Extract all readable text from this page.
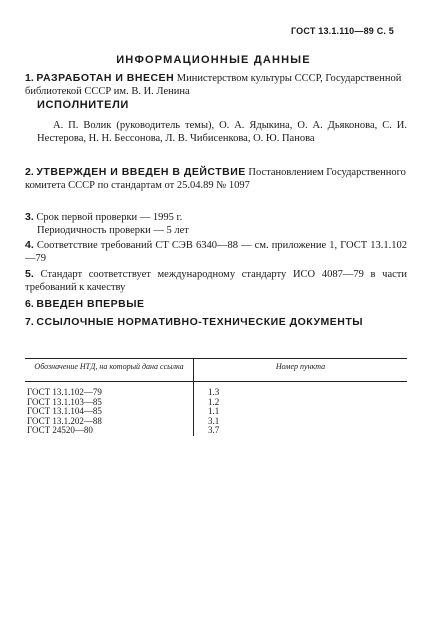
ГОСТ 13.1.110—89 С. 5
ИНФОРМАЦИОННЫЕ ДАННЫЕ
1. РАЗРАБОТАН И ВНЕСЕН Министерством культуры СССР, Государственной библиотекой СССР им. В. И. Ленина
ИСПОЛНИТЕЛИ
А. П. Волик (руководитель темы), О. А. Ядыкина, О. А. Дьяконова, С. И. Нестерова, Н. Н. Бессонова, Л. В. Чибисенкова, О. Ю. Панова
2. УТВЕРЖДЕН И ВВЕДЕН В ДЕЙСТВИЕ Постановлением Государственного комитета СССР по стандартам от 25.04.89 № 1097
3. Срок первой проверки — 1995 г.
Периодичность проверки — 5 лет
4. Соответствие требований СТ СЭВ 6340—88 — см. приложение 1, ГОСТ 13.1.102—79
5. Стандарт соответствует международному стандарту ИСО 4087—79 в части требований к качеству
6. ВВЕДЕН ВПЕРВЫЕ
7. ССЫЛОЧНЫЕ НОРМАТИВНО-ТЕХНИЧЕСКИЕ ДОКУМЕНТЫ
Обозначение НТД, на который дана ссылка	Номер пункта

ГОСТ 13.1.102—79	1.3
ГОСТ 13.1.103—85	1.2
ГОСТ 13.1.104—85	1.1
ГОСТ 13.1.202—88	3.1
ГОСТ 24520—80	3.7
